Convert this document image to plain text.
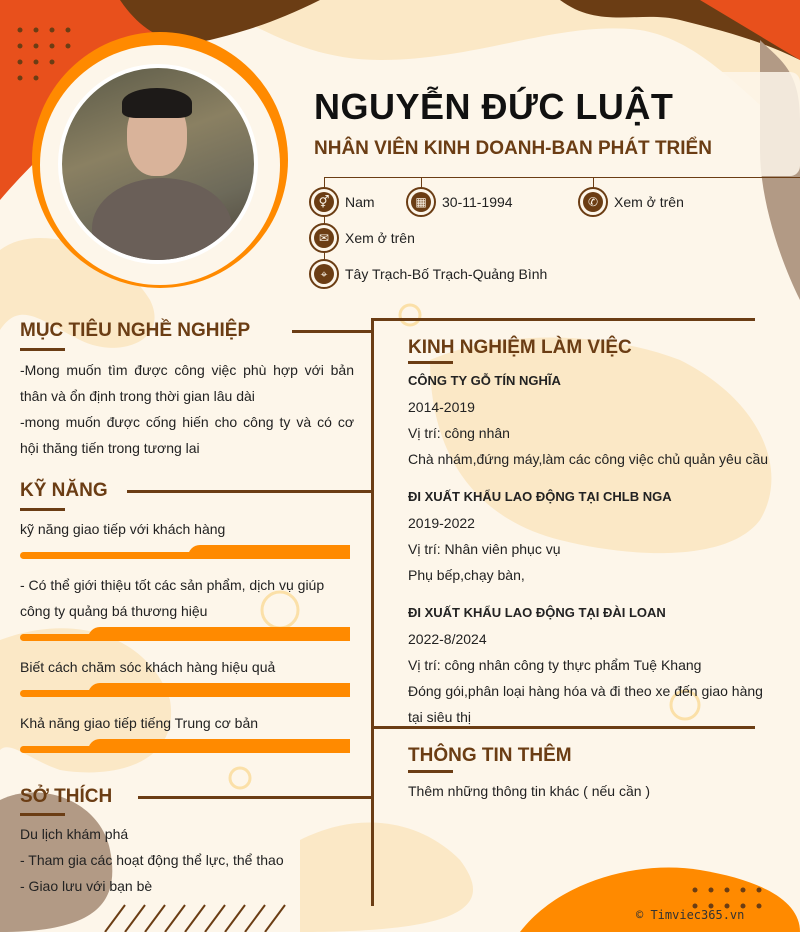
NGUYỄN ĐỨC LUẬT
NHÂN VIÊN KINH DOANH-BAN PHÁT TRIỂN
⚥	Nam	▦	30-11-1994	✆	Xem ở trên
✉	Xem ở trên
⌖	Tây Trạch-Bố Trạch-Quảng Bình
MỤC TIÊU NGHỀ NGHIỆP
-Mong muốn tìm được công việc phù hợp với bản thân và ổn định trong thời gian lâu dài
-mong muốn được cống hiến cho công ty và có cơ hội thăng tiến trong tương lai
KỸ NĂNG
kỹ năng giao tiếp với khách hàng
- Có thể giới thiệu tốt các sản phẩm, dịch vụ giúp công ty quảng bá thương hiệu
Biết cách chăm sóc khách hàng hiệu quả
Khả năng giao tiếp tiếng Trung cơ bản
SỞ THÍCH
Du lịch khám phá
- Tham gia các hoạt động thể lực, thể thao
- Giao lưu với bạn bè
KINH NGHIỆM LÀM VIỆC
CÔNG TY GỖ TÍN NGHĨA
2014-2019
Vị trí: công nhân
Chà nhám,đứng máy,làm các công việc chủ quản yêu cầu
ĐI XUẤT KHẨU LAO ĐỘNG TẠI CHLB NGA
2019-2022
Vị trí: Nhân viên phục vụ
Phụ bếp,chạy bàn,
ĐI XUẤT KHẨU LAO ĐỘNG TẠI ĐÀI LOAN
2022-8/2024
Vị trí: công nhân công ty thực phẩm Tuệ Khang
Đóng gói,phân loại hàng hóa và đi theo xe đến giao hàng tại siêu thị
THÔNG TIN THÊM
Thêm những thông tin khác ( nếu cần )
© Timviec365.vn
